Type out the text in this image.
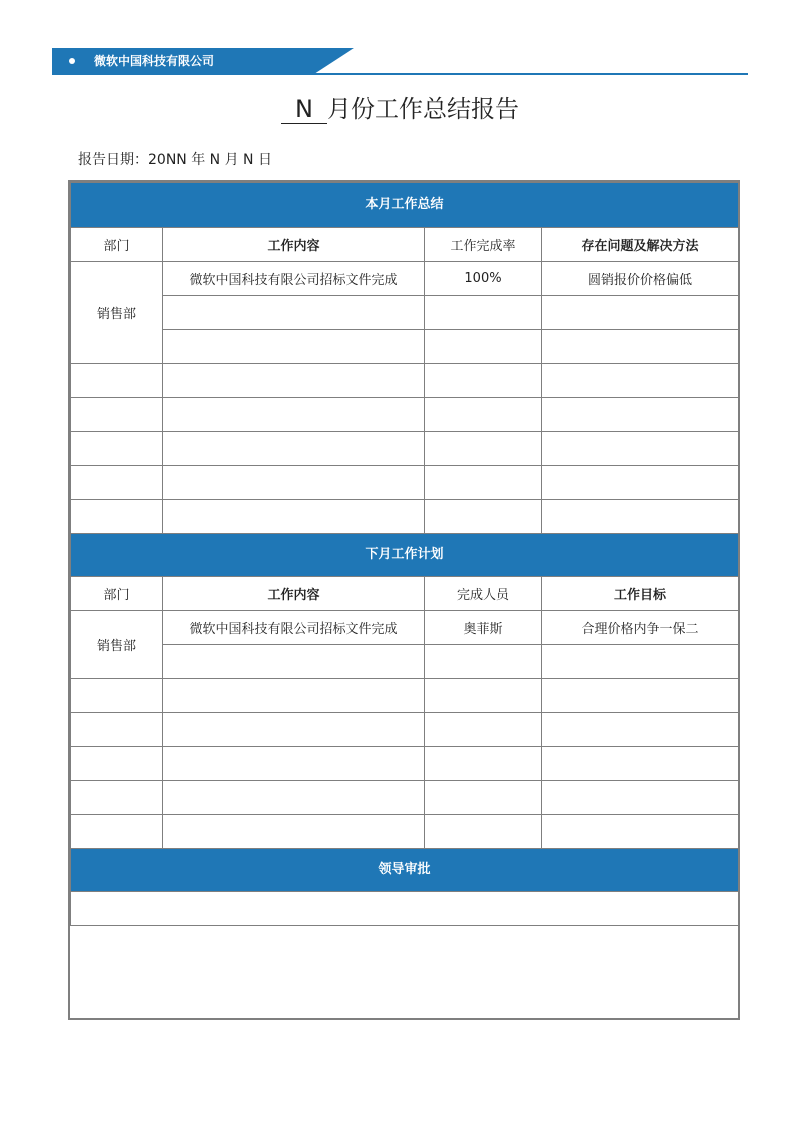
微软中国科技有限公司
N 月份工作总结报告
报告日期：20NN 年 N 月 N 日
本月工作总结			
部门	工作内容	工作完成率	存在问题及解决方法
销售部	微软中国科技有限公司招标文件完成	100%	圆销报价价格偏低

下月工作计划			
部门	工作内容	完成人员	工作目标
销售部	微软中国科技有限公司招标文件完成	奥菲斯	合理价格内争一保二

领导审批			
